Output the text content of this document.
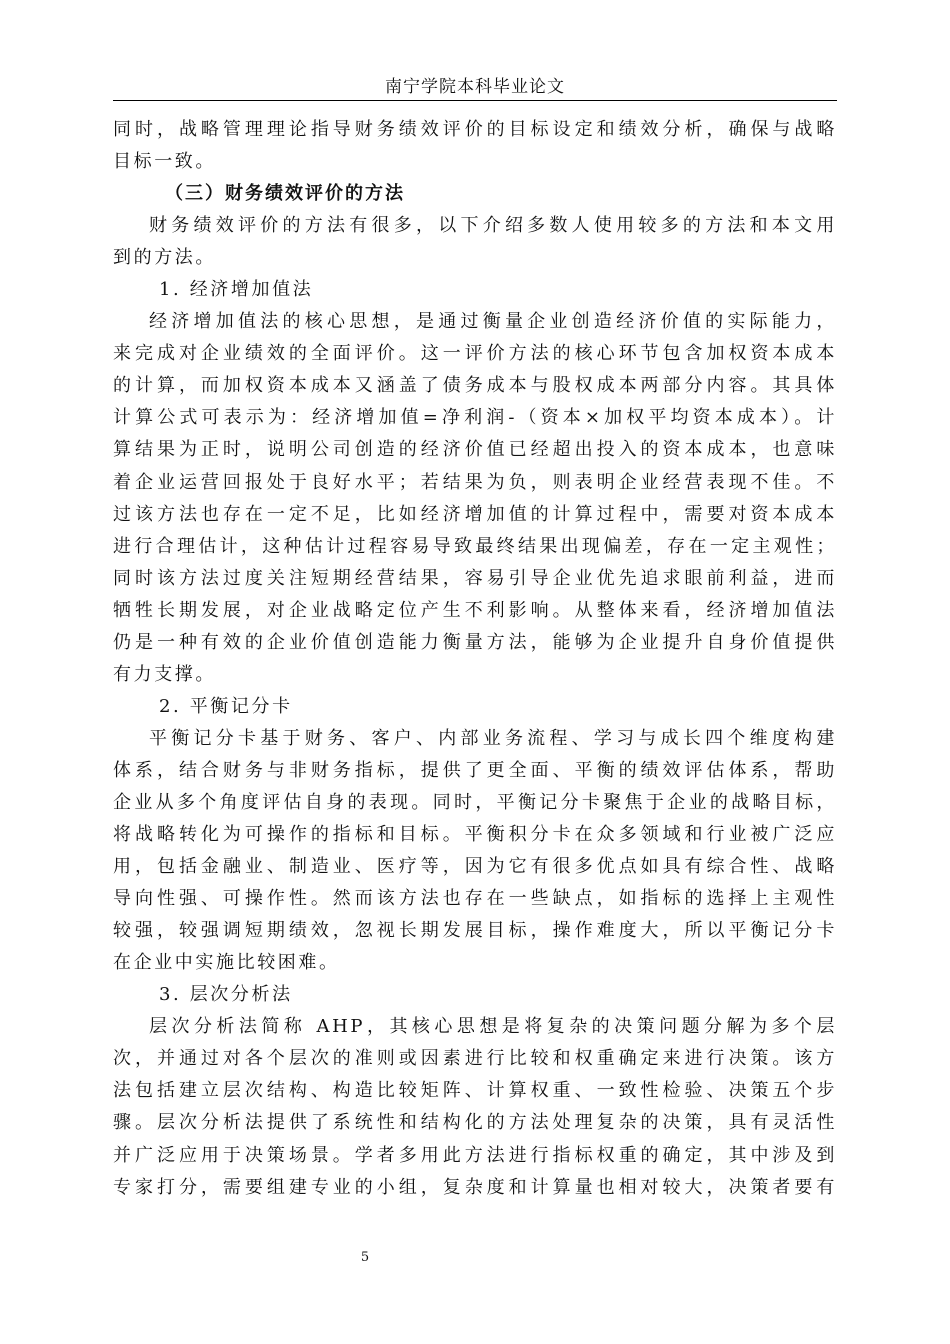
南宁学院本科毕业论文
同时，战略管理理论指导财务绩效评价的目标设定和绩效分析，确保与战略
目标一致。
（三）财务绩效评价的方法
财务绩效评价的方法有很多，以下介绍多数人使用较多的方法和本文用
到的方法。
1. 经济增加值法
经济增加值法的核心思想，是通过衡量企业创造经济价值的实际能力，
来完成对企业绩效的全面评价。这一评价方法的核心环节包含加权资本成本
的计算，而加权资本成本又涵盖了债务成本与股权成本两部分内容。其具体
计算公式可表示为：经济增加值=净利润-（资本×加权平均资本成本）。计
算结果为正时，说明公司创造的经济价值已经超出投入的资本成本，也意味
着企业运营回报处于良好水平；若结果为负，则表明企业经营表现不佳。不
过该方法也存在一定不足，比如经济增加值的计算过程中，需要对资本成本
进行合理估计，这种估计过程容易导致最终结果出现偏差，存在一定主观性；
同时该方法过度关注短期经营结果，容易引导企业优先追求眼前利益，进而
牺牲长期发展，对企业战略定位产生不利影响。从整体来看，经济增加值法
仍是一种有效的企业价值创造能力衡量方法，能够为企业提升自身价值提供
有力支撑。
2. 平衡记分卡
平衡记分卡基于财务、客户、内部业务流程、学习与成长四个维度构建
体系，结合财务与非财务指标，提供了更全面、平衡的绩效评估体系，帮助
企业从多个角度评估自身的表现。同时，平衡记分卡聚焦于企业的战略目标，
将战略转化为可操作的指标和目标。平衡积分卡在众多领域和行业被广泛应
用，包括金融业、制造业、医疗等，因为它有很多优点如具有综合性、战略
导向性强、可操作性。然而该方法也存在一些缺点，如指标的选择上主观性
较强，较强调短期绩效，忽视长期发展目标，操作难度大，所以平衡记分卡
在企业中实施比较困难。
3. 层次分析法
层次分析法简称 AHP，其核心思想是将复杂的决策问题分解为多个层
次，并通过对各个层次的准则或因素进行比较和权重确定来进行决策。该方
法包括建立层次结构、构造比较矩阵、计算权重、一致性检验、决策五个步
骤。层次分析法提供了系统性和结构化的方法处理复杂的决策，具有灵活性
并广泛应用于决策场景。学者多用此方法进行指标权重的确定，其中涉及到
专家打分，需要组建专业的小组，复杂度和计算量也相对较大，决策者要有
5
